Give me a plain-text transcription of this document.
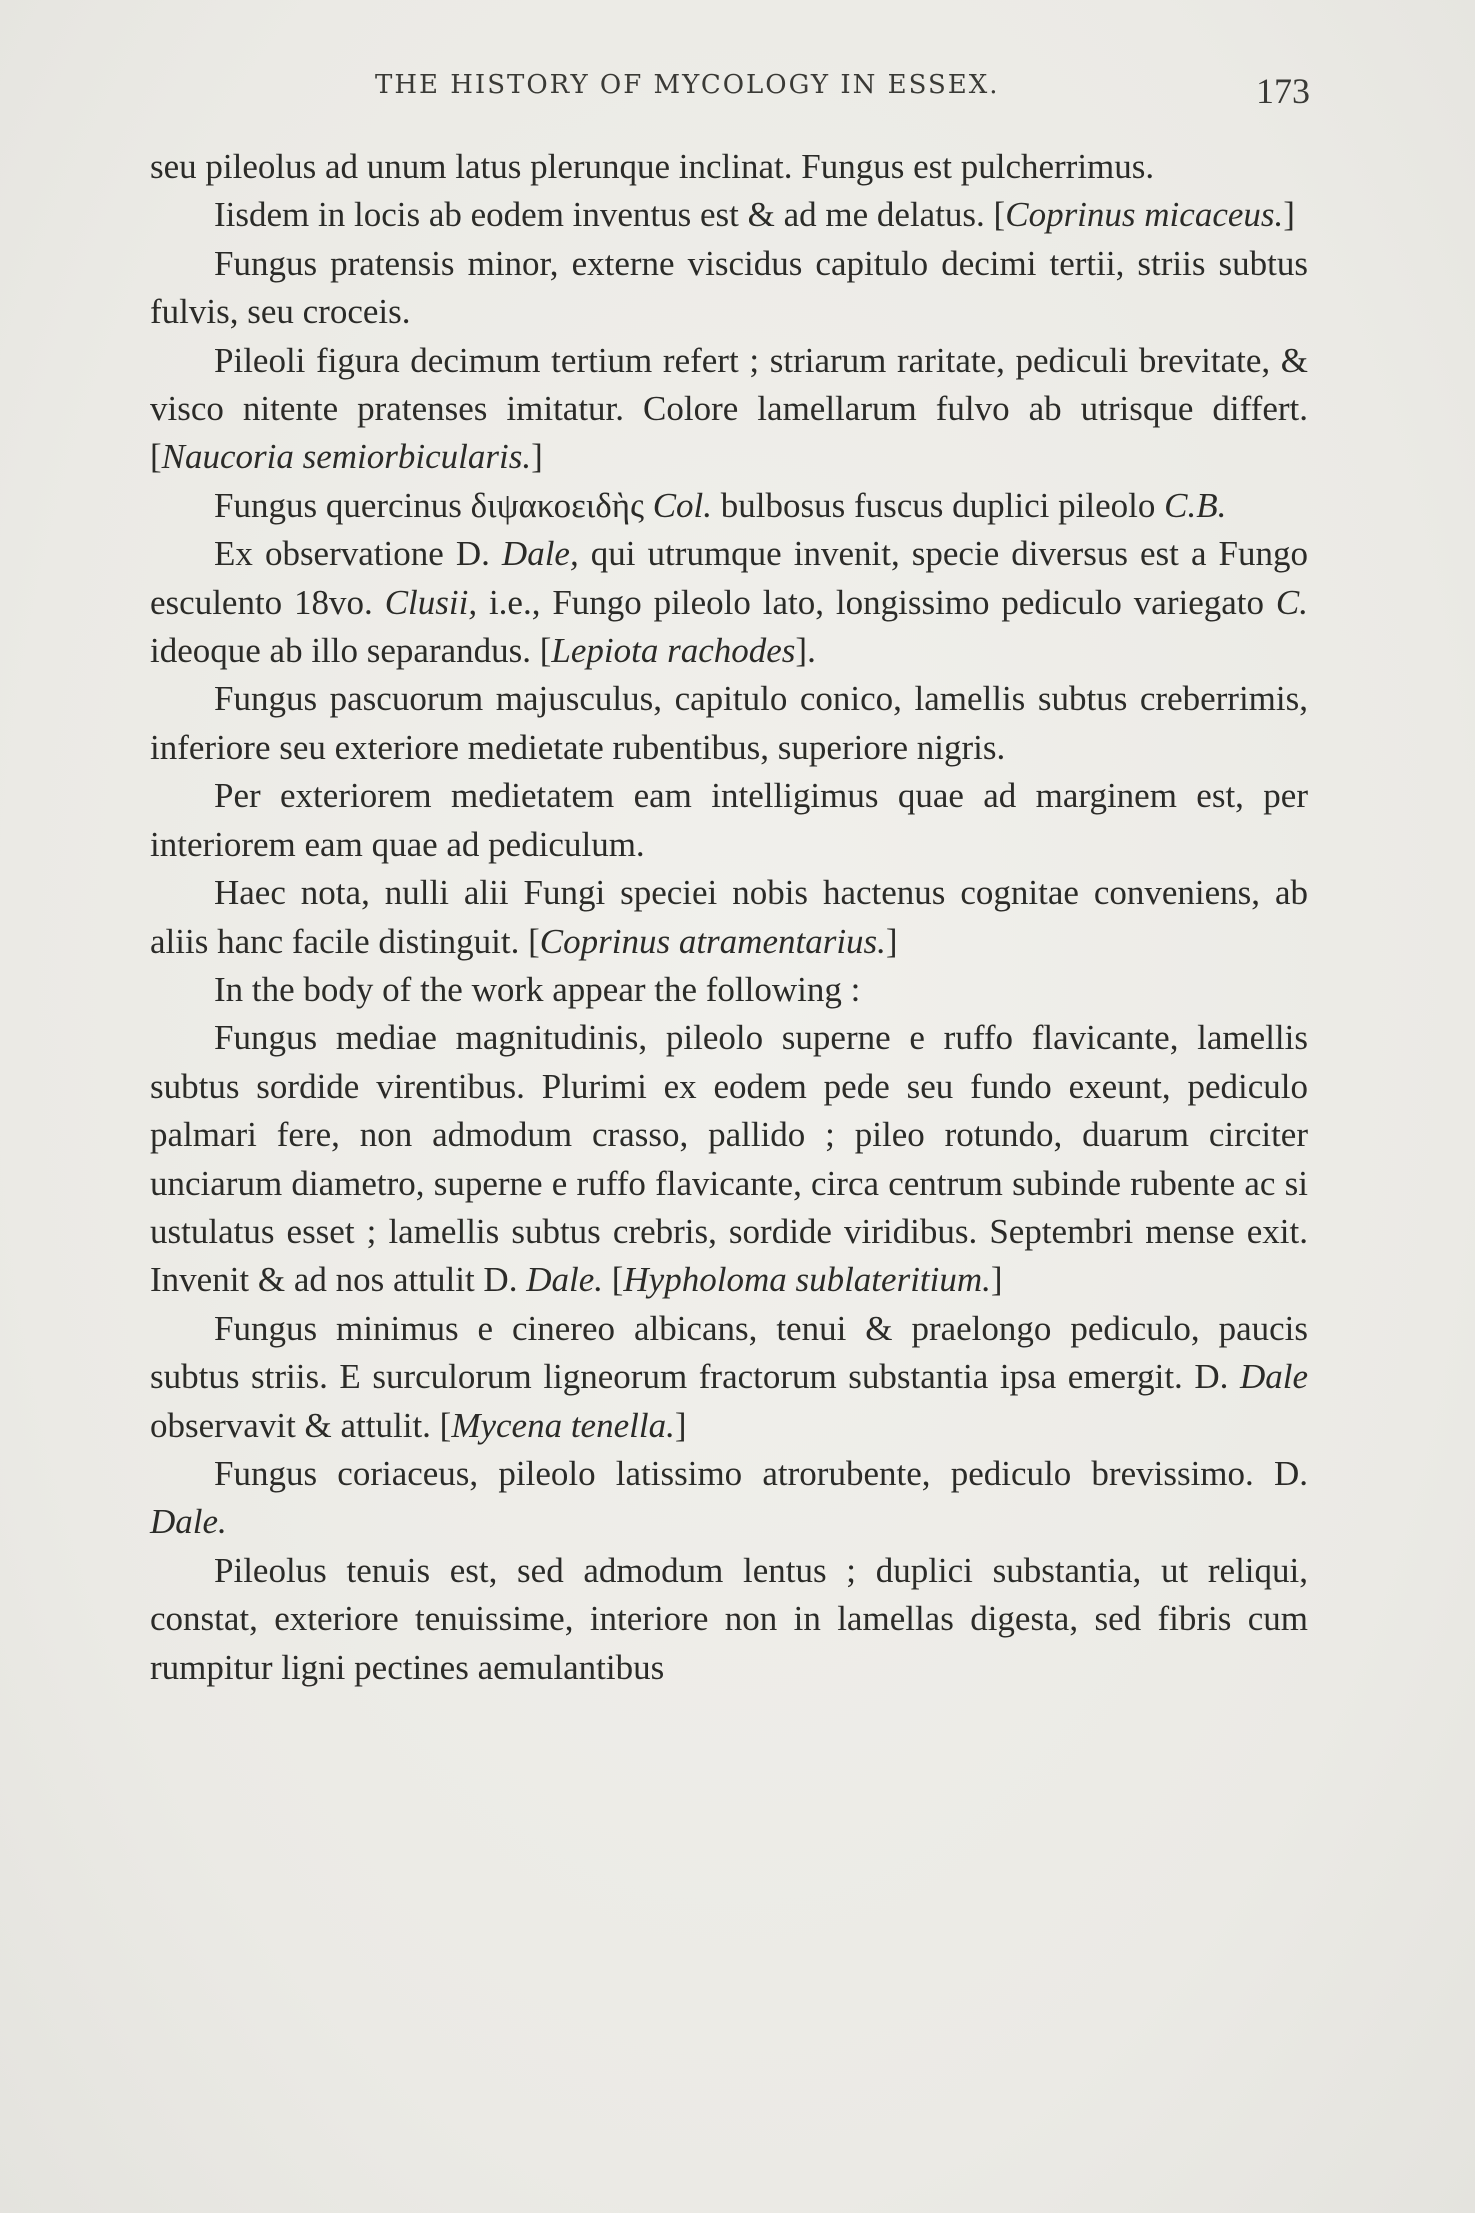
THE HISTORY OF MYCOLOGY IN ESSEX.	173

seu pileolus ad unum latus plerunque inclinat. Fungus est pulcherrimus.

Iisdem in locis ab eodem inventus est & ad me delatus. [Coprinus micaceus.]

Fungus pratensis minor, externe viscidus capitulo decimi tertii, striis subtus fulvis, seu croceis.

Pileoli figura decimum tertium refert ; striarum raritate, pediculi brevitate, & visco nitente pratenses imitatur. Colore lamellarum fulvo ab utrisque differt. [Naucoria semiorbicularis.]

Fungus quercinus διψακοειδὴς Col. bulbosus fuscus duplici pileolo C.B.

Ex observatione D. Dale, qui utrumque invenit, specie diversus est a Fungo esculento 18vo. Clusii, i.e., Fungo pileolo lato, longissimo pediculo variegato C. ideoque ab illo separandus. [Lepiota rachodes].

Fungus pascuorum majusculus, capitulo conico, lamellis subtus creberrimis, inferiore seu exteriore medietate rubentibus, superiore nigris.

Per exteriorem medietatem eam intelligimus quae ad marginem est, per interiorem eam quae ad pediculum.

Haec nota, nulli alii Fungi speciei nobis hactenus cognitae conveniens, ab aliis hanc facile distinguit. [Coprinus atramentarius.]

In the body of the work appear the following :

Fungus mediae magnitudinis, pileolo superne e ruffo flavicante, lamellis subtus sordide virentibus. Plurimi ex eodem pede seu fundo exeunt, pediculo palmari fere, non admodum crasso, pallido ; pileo rotundo, duarum circiter unciarum diametro, superne e ruffo flavicante, circa centrum subinde rubente ac si ustulatus esset ; lamellis subtus crebris, sordide viridibus. Septembri mense exit. Invenit & ad nos attulit D. Dale. [Hypholoma sublateritium.]

Fungus minimus e cinereo albicans, tenui & praelongo pediculo, paucis subtus striis. E surculorum ligneorum fractorum substantia ipsa emergit. D. Dale observavit & attulit. [Mycena tenella.]

Fungus coriaceus, pileolo latissimo atrorubente, pediculo brevissimo. D. Dale.

Pileolus tenuis est, sed admodum lentus ; duplici substantia, ut reliqui, constat, exteriore tenuissime, interiore non in lamellas digesta, sed fibris cum rumpitur ligni pectines aemulantibus
